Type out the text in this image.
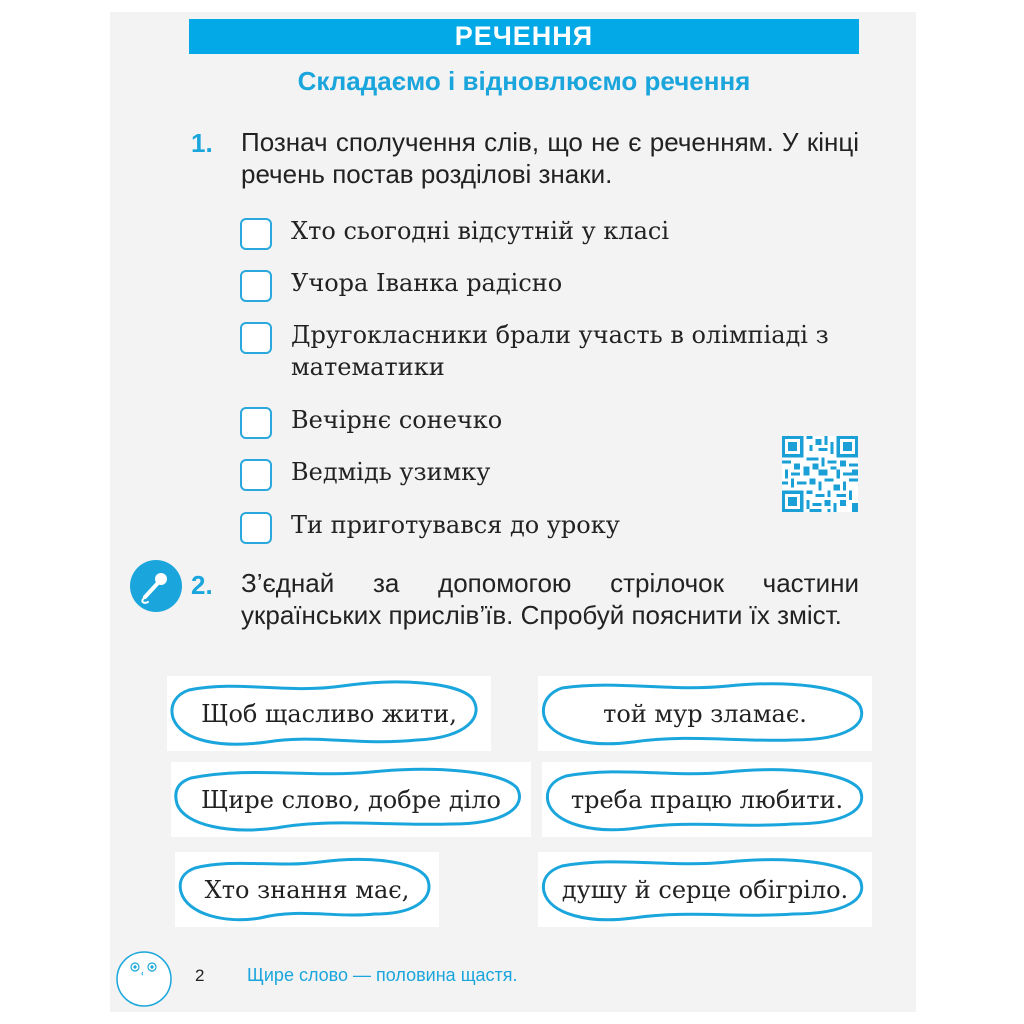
РЕЧЕННЯ
Складаємо і відновлюємо речення
1. Познач сполучення слів, що не є реченням. У кінці речень постав розділові знаки.
Хто сьогодні відсутній у класі
Учора Іванка радісно
Другокласники брали участь в олімпіаді з математики
Вечірнє сонечко
Ведмідь узимку
Ти приготувався до уроку
2. З’єднай за допомогою стрілочок частини українських прислів’їв. Спробуй пояснити їх зміст.
Щоб щасливо жити,	той мур зламає.
Щире слово, добре діло	треба працю любити.
Хто знання має,	душу й серце обігріло.
2 Щире слово — половина щастя.
